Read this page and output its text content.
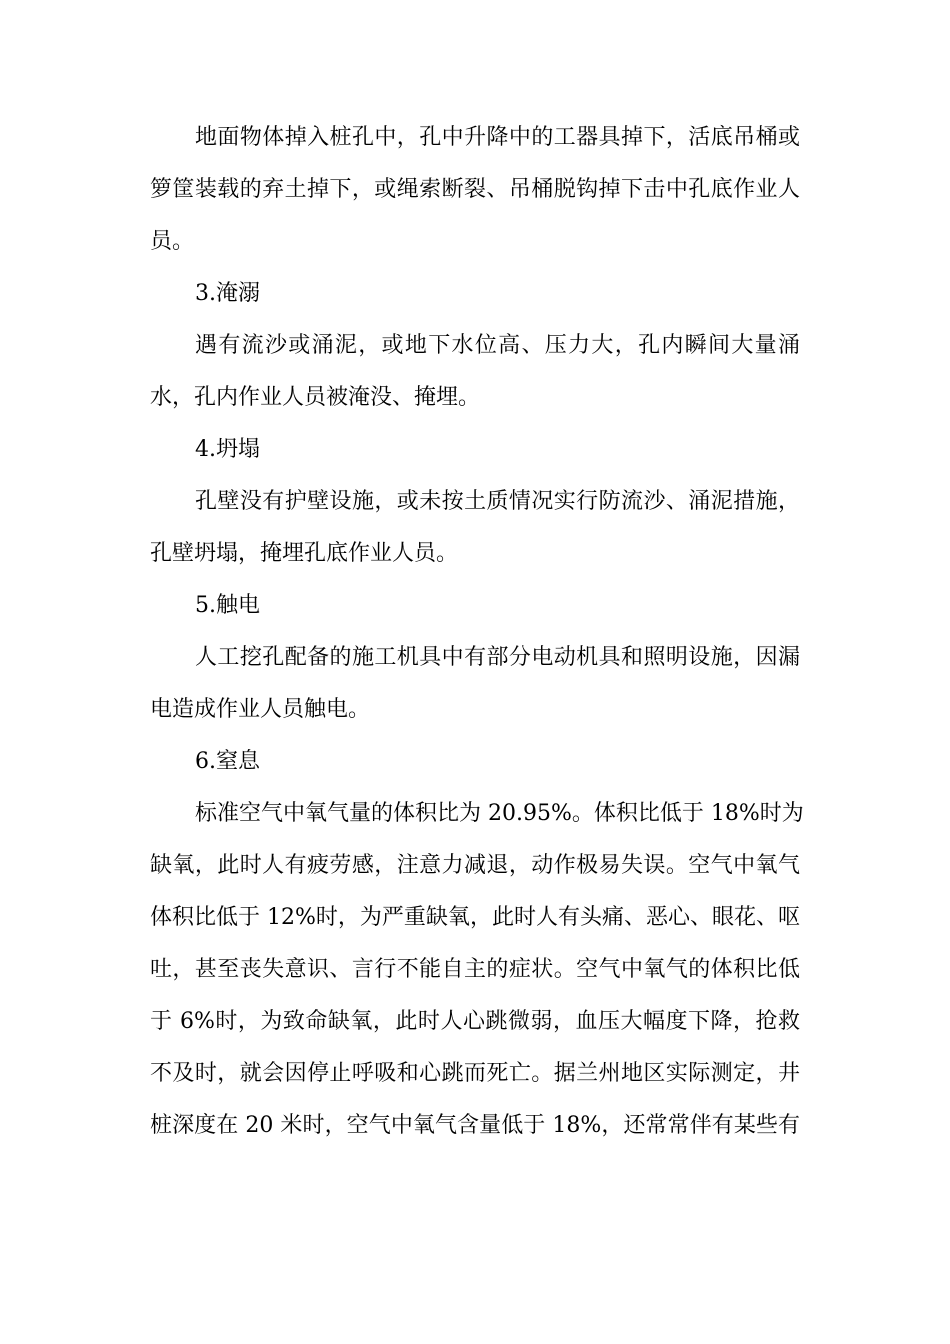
地面物体掉入桩孔中，孔中升降中的工器具掉下，活底吊桶或
箩筐装载的弃土掉下，或绳索断裂、吊桶脱钩掉下击中孔底作业人
员。
3.淹溺
遇有流沙或涌泥，或地下水位高、压力大，孔内瞬间大量涌
水，孔内作业人员被淹没、掩埋。
4.坍塌
孔壁没有护壁设施，或未按土质情况实行防流沙、涌泥措施，
孔壁坍塌，掩埋孔底作业人员。
5.触电
人工挖孔配备的施工机具中有部分电动机具和照明设施，因漏
电造成作业人员触电。
6.窒息
标准空气中氧气量的体积比为 20.95%。体积比低于 18%时为
缺氧，此时人有疲劳感，注意力减退，动作极易失误。空气中氧气
体积比低于 12%时，为严重缺氧，此时人有头痛、恶心、眼花、呕
吐，甚至丧失意识、言行不能自主的症状。空气中氧气的体积比低
于 6%时，为致命缺氧，此时人心跳微弱，血压大幅度下降，抢救
不及时，就会因停止呼吸和心跳而死亡。据兰州地区实际测定，井
桩深度在 20 米时，空气中氧气含量低于 18%，还常常伴有某些有
